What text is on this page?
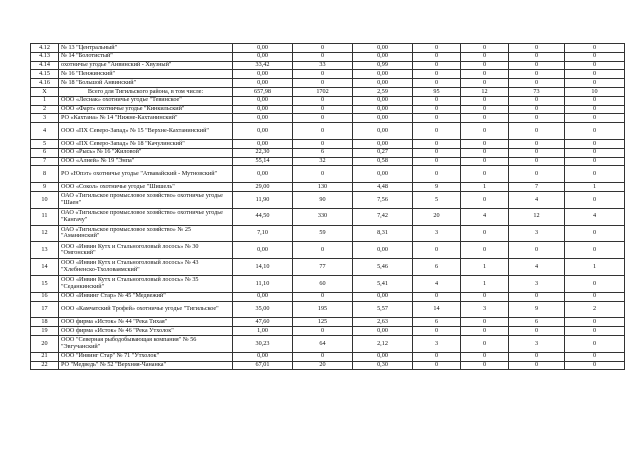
4.12	№ 13 "Центральный"	0,00	0	0,00	0	0	0	0
4.13	№ 14 "Болотистый"	0,00	0	0,00	0	0	0	0
4.14	охотничье угодье "Анвинский - Хвузный"	33,42	33	0,99	0	0	0	0
4.15	№ 16 "Пенжинский"	0,00	0	0,00	0	0	0	0
4.16	№ 18 "Большой Анвинский"	0,00	0	0,00	0	0	0	0
X	Всего для Тигильского района, в том числе:	657,98	1702	2,59	95	12	73	10
1	ООО «Леснак» охотничье угодье "Тевинское"	0,00	0	0,00	0	0	0	0
2	ООО «Фарт» охотничье угодье "Кинкильский"	0,00	0	0,00	0	0	0	0
3	РО «Кахтана» № 14 "Нижне-Кахтанинский"	0,00	0	0,00	0	0	0	0
4	ООО «ПХ Северо-Запад» № 15 "Верхне-Кахтанинский"	0,00	0	0,00	0	0	0	0
5	ООО «ПХ Северо-Запад» № 18 "Качулинский"	0,00	0	0,00	0	0	0	0
6	ООО «Рысь» № 16 "Жиловой"	22,30	6	0,27	0	0	0	0
7	ООО «Алней» № 19 "Энпа"	55,14	32	0,58	0	0	0	0
8	РО «Юпэт» охотничье угодье "Атвавайский - Мутновский"	0,00	0	0,00	0	0	0	0
9	ООО «Сокол» охотничье угодье "Шишель"	29,00	130	4,48	9	1	7	1
10	ОАО «Тигильское промысловое хозяйство» охотничье угодье "Шаен"	11,90	90	7,56	5	0	4	0
11	ОАО «Тигильское промысловое хозяйство» охотничье угодье "Кангачу"	44,50	330	7,42	20	4	12	4
12	ОАО «Тигильское промысловое хозяйство» № 25 "Аманинский"	7,10	59	8,31	3	0	3	0
13	ООО «Инвин Кутх и Стальноголовый лосось» № 30 "Омгонский"	0,00	0	0,00	0	0	0	0
14	ООО «Инвин Кутх и Стальноголовый лосось» № 43 "Хлебненско-Тхоловаямский"	14,10	77	5,46	6	1	4	1
15	ООО «Инвин Кутх и Стальноголовый лосось» № 35 "Седанкинский"	11,10	60	5,41	4	1	3	0
16	ООО «Инвинг Стар» № 45 "Медвежий"	0,00	0	0,00	0	0	0	0
17	ООО «Камчатский Трофей» охотничье угодье "Тигильское"	35,00	195	5,57	14	3	9	2
18	ООО фирма «Исток» № 44 "Река Тихая"	47,60	125	2,63	6	0	6	0
19	ООО фирма «Исток» № 46 "Река Утхолок"	1,00	0	0,00	0	0	0	0
20	ООО "Северная рыбодобывающая компания" № 56 "Эвгучанский"	30,23	64	2,12	3	0	3	0
21	ООО "Инвинг Стар" № 71 "Утхолок"	0,00	0	0,00	0	0	0	0
22	РО "Медведь" № 52 "Верхняя-Чананка"	67,01	20	0,30	0	0	0	0
